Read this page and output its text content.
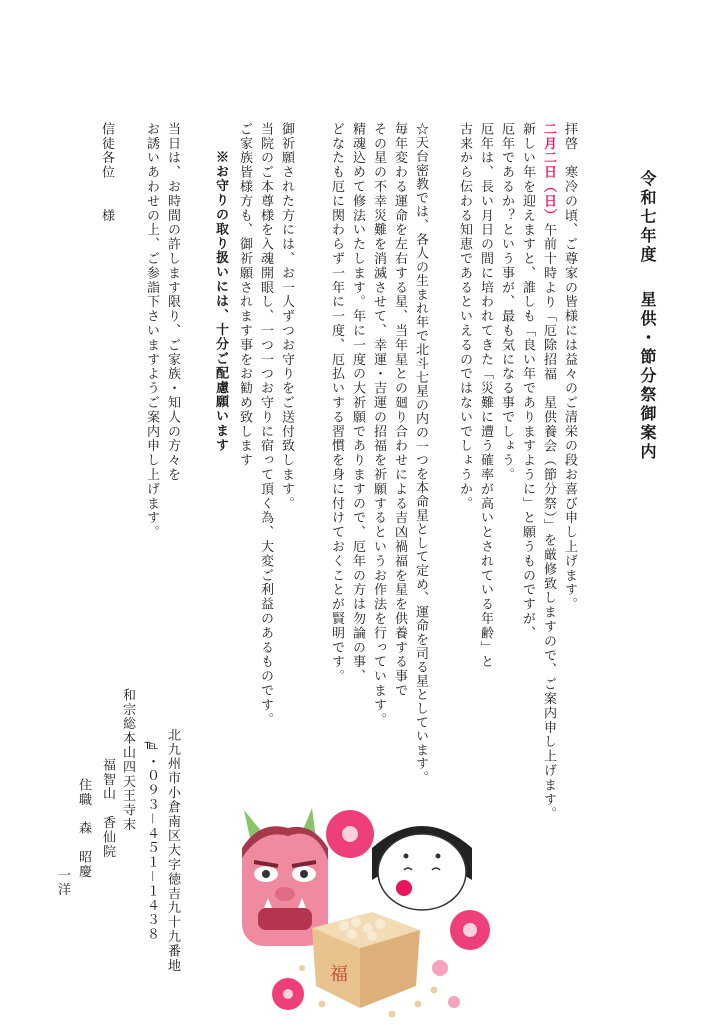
令和七年度星供・節分祭御案内
拝啓　寒冷の頃、ご尊家の皆様には益々のご清栄の段お喜び申し上げます。
二月二日（日）午前十時より「厄除招福　星供養会（節分祭）」を厳修致しますので、ご案内申し上げます。
新しい年を迎えますと、誰しも「良い年でありますように」と願うものですが、
厄年であるか？という事が、最も気になる事でしょう。
厄年は、長い月日の間に培われてきた「災難に遭う確率が高いとされている年齢」と
古来から伝わる知恵であるといえるのではないでしょうか。
☆天台密教では、各人の生まれ年で北斗七星の内の一つを本命星として定め、運命を司る星としています。
毎年変わる運命を左右する星、当年星との廻り合わせによる吉凶禍福を星を供養する事で
その星の不幸災難を消滅させて、幸運・吉運の招福を祈願するというお作法を行っています。
精魂込めて修法いたします。年に一度の大祈願でありますので、厄年の方は勿論の事、
どなたも厄に関わらず一年に一度、厄払いする習慣を身に付けておくことが賢明です。
御祈願された方には、お一人ずつお守りをご送付致します。
当院のご本尊様を入魂開眼し、一つ一つお守りに宿って頂く為、大変ご利益のあるものです。
ご家族皆様方も、御祈願されます事をお勧め致します
※お守りの取り扱いには、十分ご配慮願います
当日は、お時間の許します限り、ご家族・知人の方々を
お誘いあわせの上、ご参詣下さいますようご案内申し上げます。
信徒各位　　様
北九州市小倉南区大字徳吉九十九番地
℡・０９３－４５１－１４３８
福智山　香仙院 和宗総本山四天王寺末
住職　森　昭慶
一洋
福
